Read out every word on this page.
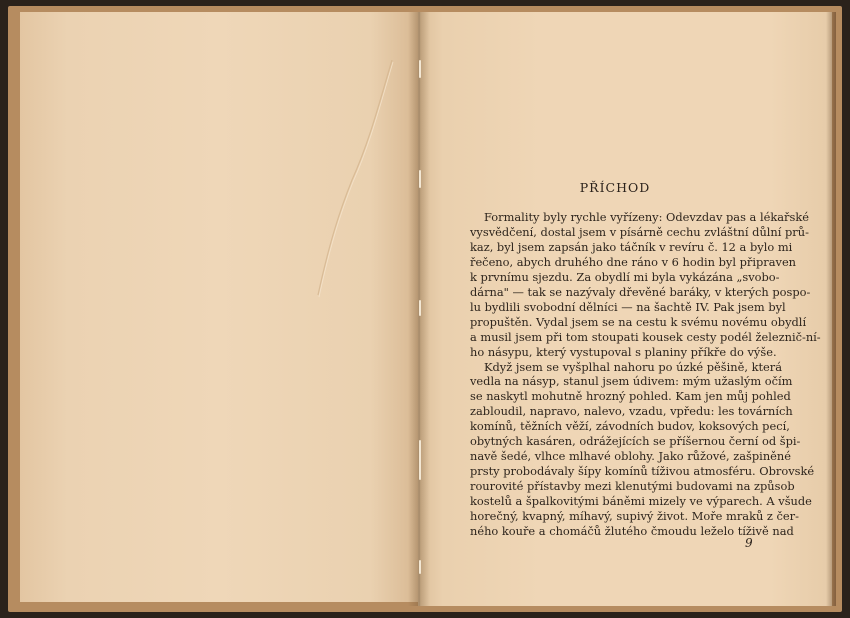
PŘÍCHOD
Formality byly rychle vyřízeny: Odevzdav pas a lékařské
vysvědčení, dostal jsem v písárně cechu zvláštní důlní prů-
kaz, byl jsem zapsán jako táčník v revíru č. 12 a bylo mi
řečeno, abych druhého dne ráno v 6 hodin byl připraven
k prvnímu sjezdu. Za obydlí mi byla vykázána „svobo-
dárna" — tak se nazývaly dřevěné baráky, v kterých pospo-
lu bydlili svobodní dělníci — na šachtě IV. Pak jsem byl
propuštěn. Vydal jsem se na cestu k svému novému obydlí
a musil jsem při tom stoupati kousek cesty podél železnič-ní-
ho násypu, který vystupoval s planiny příkře do výše.
Když jsem se vyšplhal nahoru po úzké pěšině, která
vedla na násyp, stanul jsem údivem: mým užaslým očím
se naskytl mohutně hrozný pohled. Kam jen můj pohled
zabloudil, napravo, nalevo, vzadu, vpředu: les továrních
komínů, těžních věží, závodních budov, koksových pecí,
obytných kasáren, odrážejících se příšernou černí od špi-
navě šedé, vlhce mlhavé oblohy. Jako růžové, zašpiněné
prsty probodávaly šípy komínů tíživou atmosféru. Obrovské
rourovité přístavby mezi klenutými budovami na způsob
kostelů a špalkovitými báněmi mizely ve výparech. A všude
horečný, kvapný, míhavý, supivý život. Moře mraků z čer-
ného kouře a chomáčů žlutého čmoudu leželo tíživě nad
9
